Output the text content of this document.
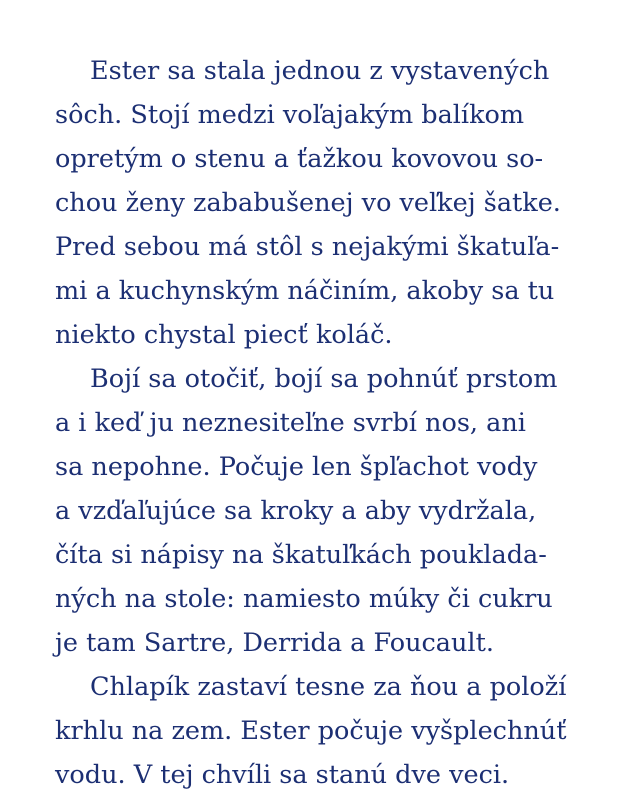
Ester sa stala jednou z vystavených
sôch. Stojí medzi voľajakým balíkom
opretým o stenu a ťažkou kovovou so-
chou ženy zababušenej vo veľkej šatke.
Pred sebou má stôl s nejakými škatuľa-
mi a kuchynským náčiním, akoby sa tu
niekto chystal piecť koláč.
Bojí sa otočiť, bojí sa pohnúť prstom
a i keď ju neznesiteľne svrbí nos, ani
sa nepohne. Počuje len špľachot vody
a vzďaľujúce sa kroky a aby vydržala,
číta si nápisy na škatuľkách poukladа-
ných na stole: namiesto múky či cukru
je tam Sartre, Derrida a Foucault.
Chlapík zastaví tesne za ňou a položí
krhlu na zem. Ester počuje vyšplechnúť
vodu. V tej chvíli sa stanú dve veci.
